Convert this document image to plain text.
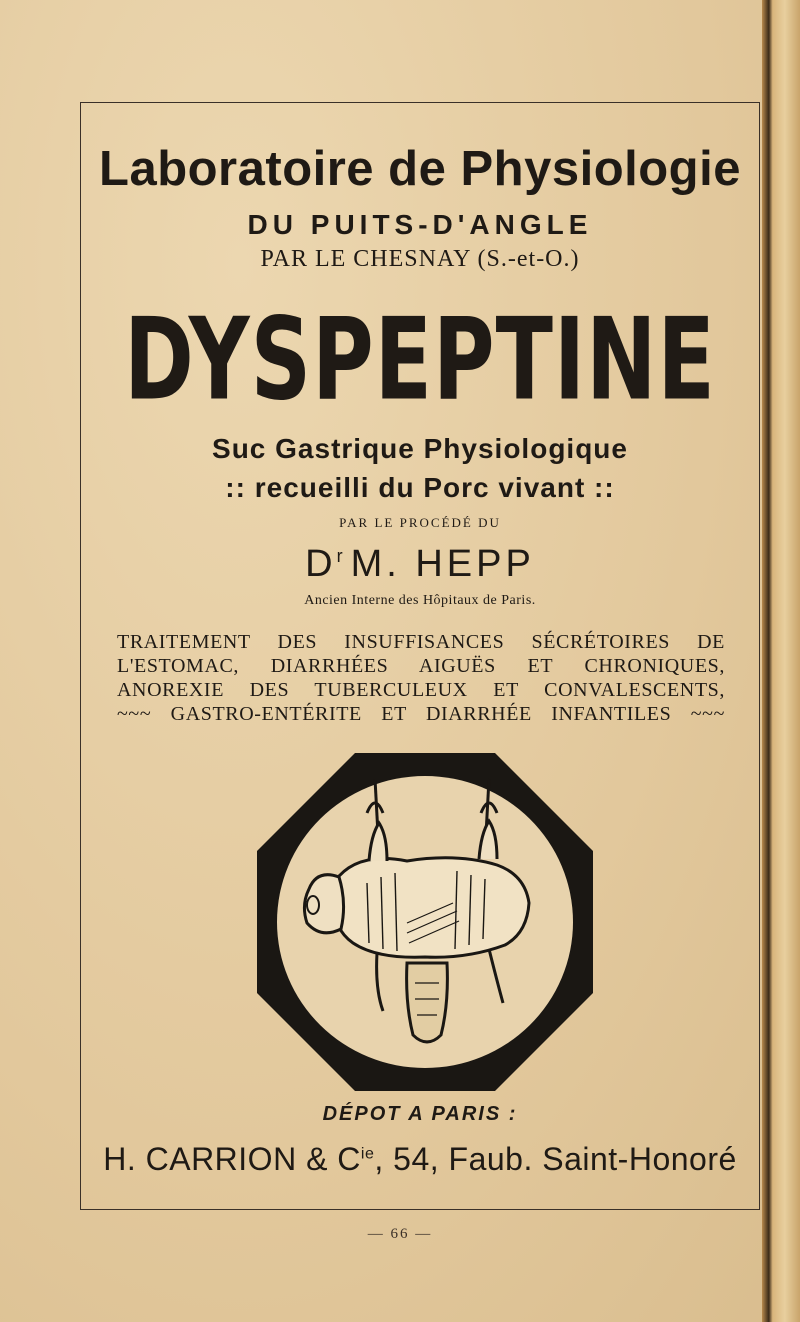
Laboratoire de Physiologie
DU PUITS-D'ANGLE
PAR LE CHESNAY (S.-et-O.)
DYSPEPTINE
Suc Gastrique Physiologique
:: recueilli du Porc vivant ::
PAR LE PROCÉDÉ DU
$D^r$ M. HEPP
Ancien Interne des Hôpitaux de Paris.

TRAITEMENT DES INSUFFISANCES SÉCRÉTOIRES DE

L'ESTOMAC, DIARRHÉES AIGUËS ET CHRONIQUES,

ANOREXIE DES TUBERCULEUX ET CONVALESCENTS,

~~~ GASTRO-ENTÉRITE ET DIARRHÉE INFANTILES ~~~

DÉPOT A PARIS :
H. CARRION & $C^{ie}$, 54, Faub. Saint-Honoré
— 66 —
